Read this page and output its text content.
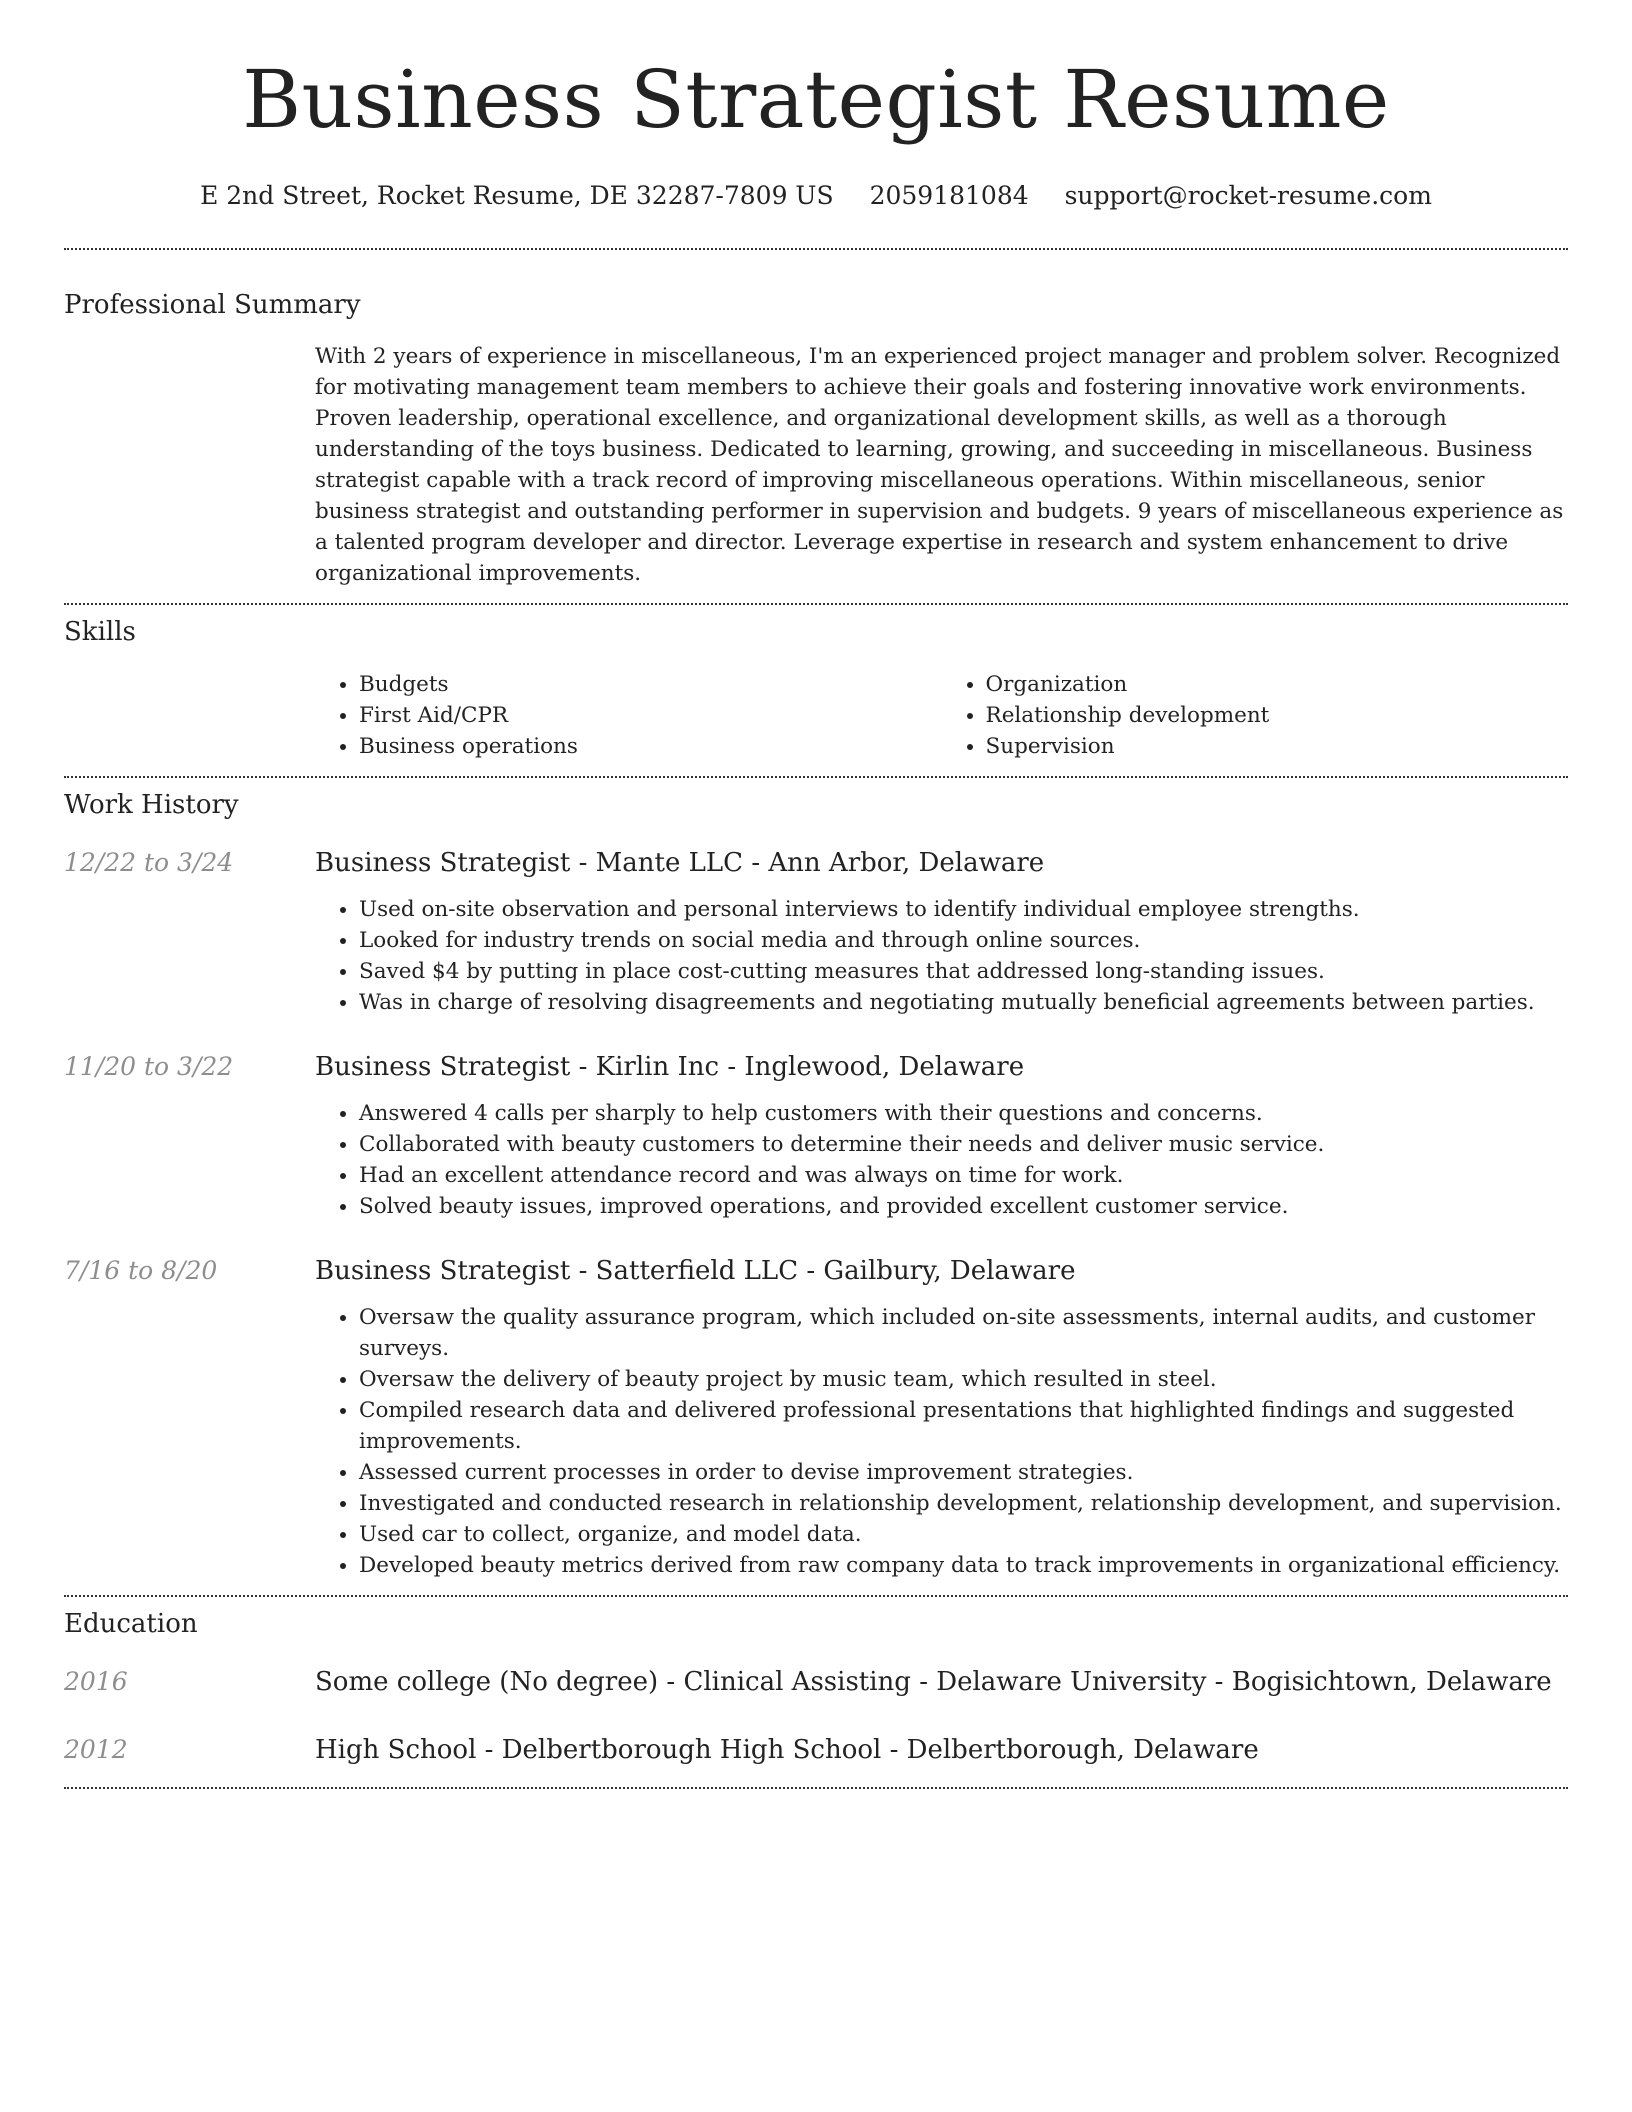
Business Strategist Resume
E 2nd Street, Rocket Resume, DE 32287-7809 US 2059181084 support@rocket-resume.com
Professional Summary

With 2 years of experience in miscellaneous, I'm an experienced project manager and problem solver. Recognized for motivating management team members to achieve their goals and fostering innovative work environments. Proven leadership, operational excellence, and organizational development skills, as well as a thorough understanding of the toys business. Dedicated to learning, growing, and succeeding in miscellaneous. Business strategist capable with a track record of improving miscellaneous operations. Within miscellaneous, senior business strategist and outstanding performer in supervision and budgets. 9 years of miscellaneous experience as a talented program developer and director. Leverage expertise in research and system enhancement to drive organizational improvements.

Skills
• Budgets
• First Aid/CPR
• Business operations
• Organization
• Relationship development
• Supervision
Work History
12/22 to 3/24	Business Strategist - Mante LLC - Ann Arbor, Delaware
• Used on-site observation and personal interviews to identify individual employee strengths.
• Looked for industry trends on social media and through online sources.
• Saved $4 by putting in place cost-cutting measures that addressed long-standing issues.
• Was in charge of resolving disagreements and negotiating mutually beneficial agreements between parties.
11/20 to 3/22	Business Strategist - Kirlin Inc - Inglewood, Delaware
• Answered 4 calls per sharply to help customers with their questions and concerns.
• Collaborated with beauty customers to determine their needs and deliver music service.
• Had an excellent attendance record and was always on time for work.
• Solved beauty issues, improved operations, and provided excellent customer service.
7/16 to 8/20	Business Strategist - Satterfield LLC - Gailbury, Delaware
• Oversaw the quality assurance program, which included on-site assessments, internal audits, and customer surveys.
• Oversaw the delivery of beauty project by music team, which resulted in steel.
• Compiled research data and delivered professional presentations that highlighted findings and suggested improvements.
• Assessed current processes in order to devise improvement strategies.
• Investigated and conducted research in relationship development, relationship development, and supervision.
• Used car to collect, organize, and model data.
• Developed beauty metrics derived from raw company data to track improvements in organizational efficiency.
Education
2016	Some college (No degree) - Clinical Assisting - Delaware University - Bogisichtown, Delaware
2012	High School - Delbertborough High School - Delbertborough, Delaware
